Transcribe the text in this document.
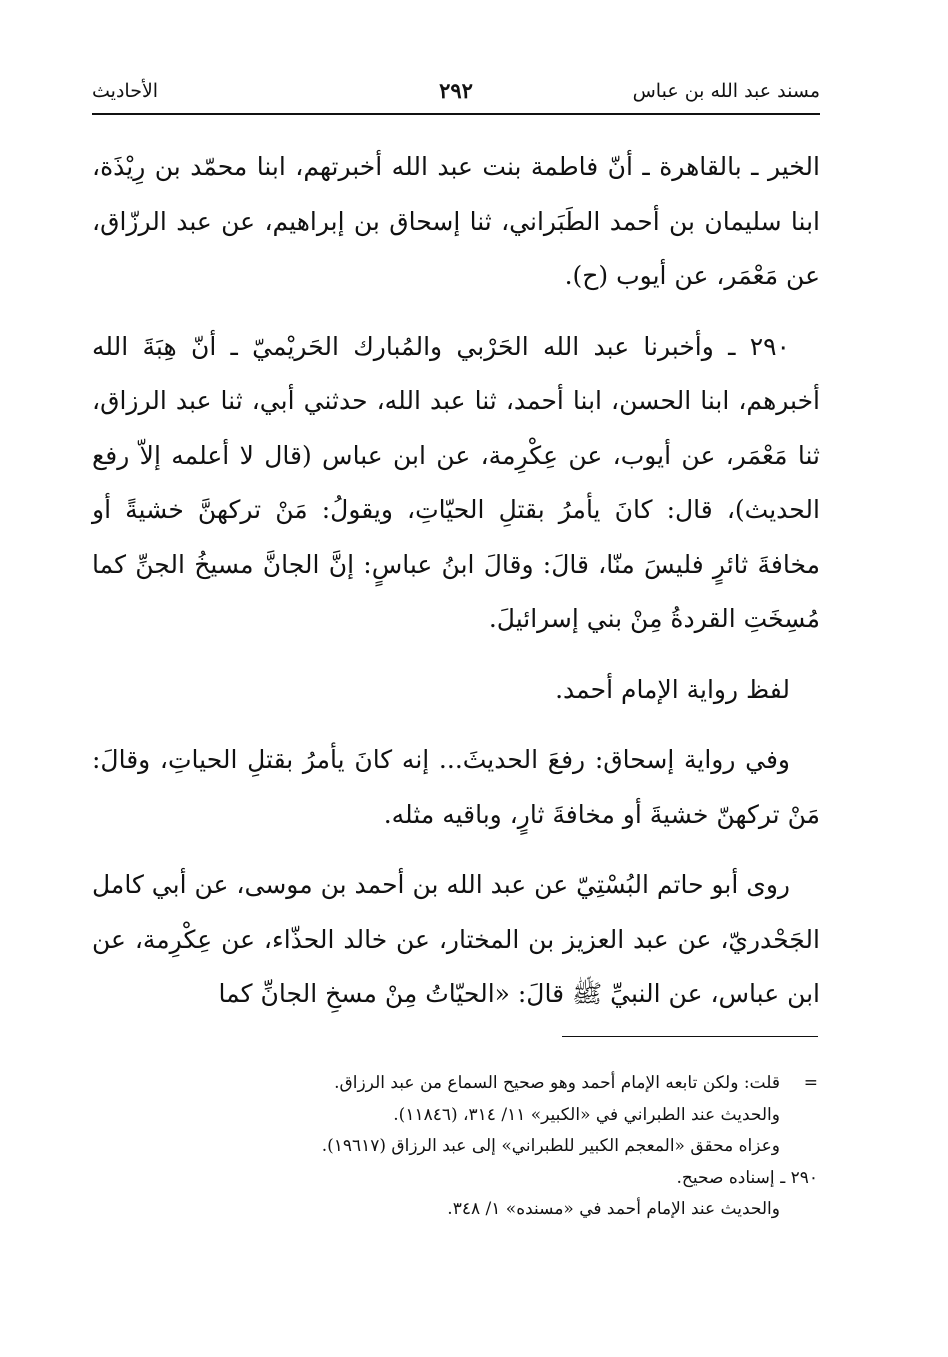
مسند عبد الله بن عباس
٢٩٢
الأحاديث

الخير ـ بالقاهرة ـ أنّ فاطمة بنت عبد الله أخبرتهم، ابنا محمّد بن رِيْذَة، ابنا سليمان بن أحمد الطَبَراني، ثنا إسحاق بن إبراهيم، عن عبد الرزّاق، عن مَعْمَر، عن أيوب (ح).

٢٩٠ ـ وأخبرنا عبد الله الحَرْبي والمُبارك الحَريْميّ ـ أنّ هِبَةَ الله أخبرهم، ابنا الحسن، ابنا أحمد، ثنا عبد الله، حدثني أبي، ثنا عبد الرزاق، ثنا مَعْمَر، عن أيوب، عن عِكْرِمة، عن ابن عباس (قال لا أعلمه إلاّ رفع الحديث)، قال: كانَ يأمرُ بقتلِ الحيّاتِ، ويقولُ: مَنْ تركهنَّ خشيةً أو مخافةَ ثائرٍ فليسَ منّا، قالَ: وقالَ ابنُ عباسٍ: إنَّ الجانَّ مسيخُ الجنِّ كما مُسِخَتِ القردةُ مِنْ بني إسرائيلَ.

لفظ رواية الإمام أحمد.

وفي رواية إسحاق: رفعَ الحديثَ... إنه كانَ يأمرُ بقتلِ الحياتِ، وقالَ: مَنْ تركهنّ خشيةَ أو مخافةَ ثارٍ، وباقيه مثله.

روى أبو حاتم البُسْتِيّ عن عبد الله بن أحمد بن موسى، عن أبي كامل الجَحْدريّ، عن عبد العزيز بن المختار، عن خالد الحذّاء، عن عِكْرِمة، عن ابن عباس، عن النبيِّ ﷺ قالَ: «الحيّاتُ مِنْ مسخِ الجانِّ كما

=قلت: ولكن تابعه الإمام أحمد وهو صحيح السماع من عبد الرزاق.
والحديث عند الطبراني في «الكبير» ١١/ ٣١٤، (١١٨٤٦).
وعزاه محقق «المعجم الكبير للطبراني» إلى عبد الرزاق (١٩٦١٧).
٢٩٠ ـ إسناده صحيح.
والحديث عند الإمام أحمد في «مسنده» ١/ ٣٤٨.
